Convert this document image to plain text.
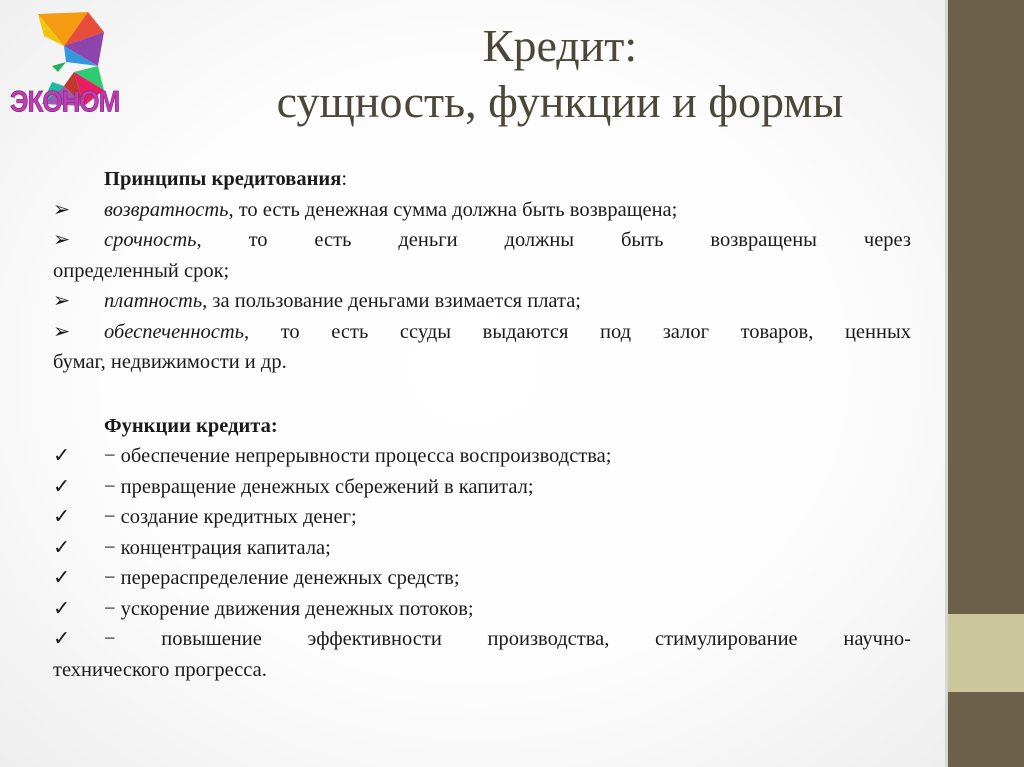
ЭКОНОМ
Кредит:
сущность, функции и формы
Принципы кредитования:
➢ возвратность, то есть денежная сумма должна быть возвращена;
➢ срочность, то есть деньги должны быть возвращены через
определенный срок;
➢ платность, за пользование деньгами взимается плата;
➢ обеспеченность, то есть ссуды выдаются под залог товаров, ценных
бумаг, недвижимости и др.
Функции кредита:
✓ − обеспечение непрерывности процесса воспроизводства;
✓ − превращение денежных сбережений в капитал;
✓ − создание кредитных денег;
✓ − концентрация капитала;
✓ − перераспределение денежных средств;
✓ − ускорение движения денежных потоков;
✓ − повышение эффективности производства, стимулирование научно-
технического прогресса.
